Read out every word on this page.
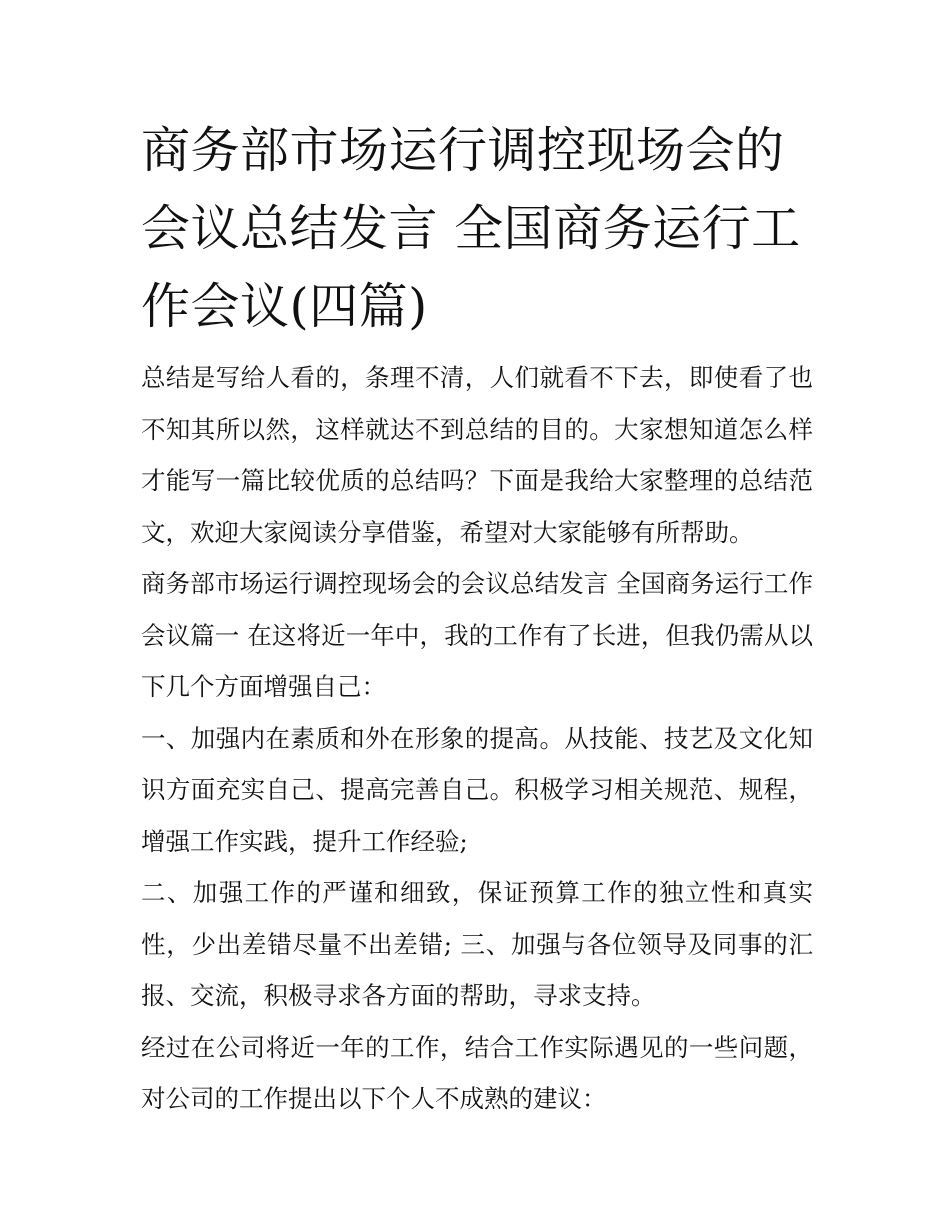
商务部市场运行调控现场会的会议总结发言 全国商务运行工作会议(四篇)

总结是写给人看的，条理不清，人们就看不下去，即使看了也不知其所以然，这样就达不到总结的目的。大家想知道怎么样才能写一篇比较优质的总结吗？下面是我给大家整理的总结范文，欢迎大家阅读分享借鉴，希望对大家能够有所帮助。

商务部市场运行调控现场会的会议总结发言 全国商务运行工作会议篇一 在这将近一年中，我的工作有了长进，但我仍需从以下几个方面增强自己：

一、加强内在素质和外在形象的提高。从技能、技艺及文化知识方面充实自己、提高完善自己。积极学习相关规范、规程，增强工作实践，提升工作经验;

二、加强工作的严谨和细致，保证预算工作的独立性和真实性，少出差错尽量不出差错; 三、加强与各位领导及同事的汇报、交流，积极寻求各方面的帮助，寻求支持。

经过在公司将近一年的工作，结合工作实际遇见的一些问题，对公司的工作提出以下个人不成熟的建议：
